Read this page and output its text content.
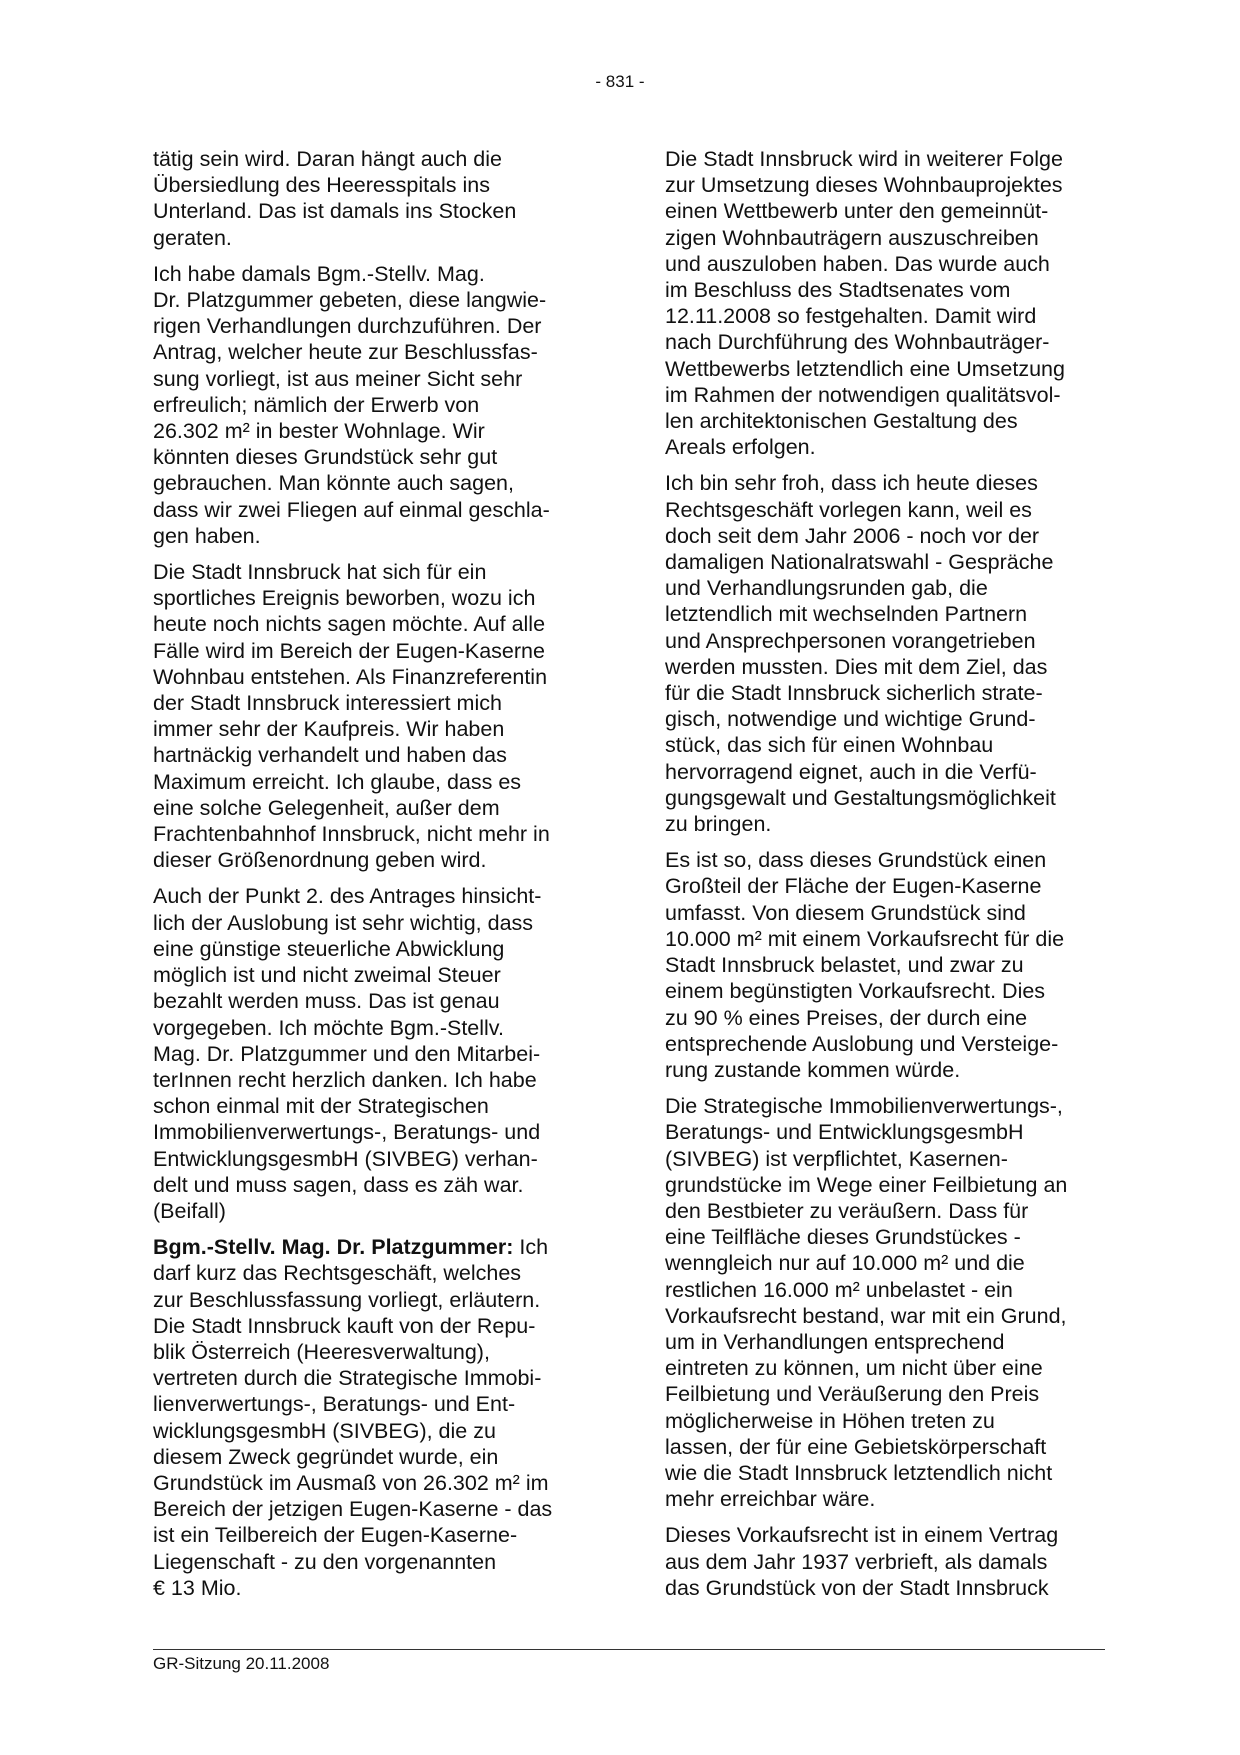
- 831 -

tätig sein wird. Daran hängt auch die
Übersiedlung des Heeresspitals ins
Unterland. Das ist damals ins Stocken
geraten.

Ich habe damals Bgm.-Stellv. Mag.
Dr. Platzgummer gebeten, diese langwie-
rigen Verhandlungen durchzuführen. Der
Antrag, welcher heute zur Beschlussfas-
sung vorliegt, ist aus meiner Sicht sehr
erfreulich; nämlich der Erwerb von
26.302 m² in bester Wohnlage. Wir
könnten dieses Grundstück sehr gut
gebrauchen. Man könnte auch sagen,
dass wir zwei Fliegen auf einmal geschla-
gen haben.

Die Stadt Innsbruck hat sich für ein
sportliches Ereignis beworben, wozu ich
heute noch nichts sagen möchte. Auf alle
Fälle wird im Bereich der Eugen-Kaserne
Wohnbau entstehen. Als Finanzreferentin
der Stadt Innsbruck interessiert mich
immer sehr der Kaufpreis. Wir haben
hartnäckig verhandelt und haben das
Maximum erreicht. Ich glaube, dass es
eine solche Gelegenheit, außer dem
Frachtenbahnhof Innsbruck, nicht mehr in
dieser Größenordnung geben wird.

Auch der Punkt 2. des Antrages hinsicht-
lich der Auslobung ist sehr wichtig, dass
eine günstige steuerliche Abwicklung
möglich ist und nicht zweimal Steuer
bezahlt werden muss. Das ist genau
vorgegeben. Ich möchte Bgm.-Stellv.
Mag. Dr. Platzgummer und den Mitarbei-
terInnen recht herzlich danken. Ich habe
schon einmal mit der Strategischen
Immobilienverwertungs-, Beratungs- und
EntwicklungsgesmbH (SIVBEG) verhan-
delt und muss sagen, dass es zäh war.
(Beifall)

Bgm.-Stellv. Mag. Dr. Platzgummer: Ich
darf kurz das Rechtsgeschäft, welches
zur Beschlussfassung vorliegt, erläutern.
Die Stadt Innsbruck kauft von der Repu-
blik Österreich (Heeresverwaltung),
vertreten durch die Strategische Immobi-
lienverwertungs-, Beratungs- und Ent-
wicklungsgesmbH (SIVBEG), die zu
diesem Zweck gegründet wurde, ein
Grundstück im Ausmaß von 26.302 m² im
Bereich der jetzigen Eugen-Kaserne - das
ist ein Teilbereich der Eugen-Kaserne-
Liegenschaft - zu den vorgenannten
€ 13 Mio.

Die Stadt Innsbruck wird in weiterer Folge
zur Umsetzung dieses Wohnbauprojektes
einen Wettbewerb unter den gemeinnüt-
zigen Wohnbauträgern auszuschreiben
und auszuloben haben. Das wurde auch
im Beschluss des Stadtsenates vom
12.11.2008 so festgehalten. Damit wird
nach Durchführung des Wohnbauträger-
Wettbewerbs letztendlich eine Umsetzung
im Rahmen der notwendigen qualitätsvol-
len architektonischen Gestaltung des
Areals erfolgen.

Ich bin sehr froh, dass ich heute dieses
Rechtsgeschäft vorlegen kann, weil es
doch seit dem Jahr 2006 - noch vor der
damaligen Nationalratswahl - Gespräche
und Verhandlungsrunden gab, die
letztendlich mit wechselnden Partnern
und Ansprechpersonen vorangetrieben
werden mussten. Dies mit dem Ziel, das
für die Stadt Innsbruck sicherlich strate-
gisch, notwendige und wichtige Grund-
stück, das sich für einen Wohnbau
hervorragend eignet, auch in die Verfü-
gungsgewalt und Gestaltungsmöglichkeit
zu bringen.

Es ist so, dass dieses Grundstück einen
Großteil der Fläche der Eugen-Kaserne
umfasst. Von diesem Grundstück sind
10.000 m² mit einem Vorkaufsrecht für die
Stadt Innsbruck belastet, und zwar zu
einem begünstigten Vorkaufsrecht. Dies
zu 90 % eines Preises, der durch eine
entsprechende Auslobung und Versteige-
rung zustande kommen würde.

Die Strategische Immobilienverwertungs-,
Beratungs- und EntwicklungsgesmbH
(SIVBEG) ist verpflichtet, Kasernen-
grundstücke im Wege einer Feilbietung an
den Bestbieter zu veräußern. Dass für
eine Teilfläche dieses Grundstückes -
wenngleich nur auf 10.000 m² und die
restlichen 16.000 m² unbelastet - ein
Vorkaufsrecht bestand, war mit ein Grund,
um in Verhandlungen entsprechend
eintreten zu können, um nicht über eine
Feilbietung und Veräußerung den Preis
möglicherweise in Höhen treten zu
lassen, der für eine Gebietskörperschaft
wie die Stadt Innsbruck letztendlich nicht
mehr erreichbar wäre.

Dieses Vorkaufsrecht ist in einem Vertrag
aus dem Jahr 1937 verbrieft, als damals
das Grundstück von der Stadt Innsbruck

GR-Sitzung 20.11.2008
